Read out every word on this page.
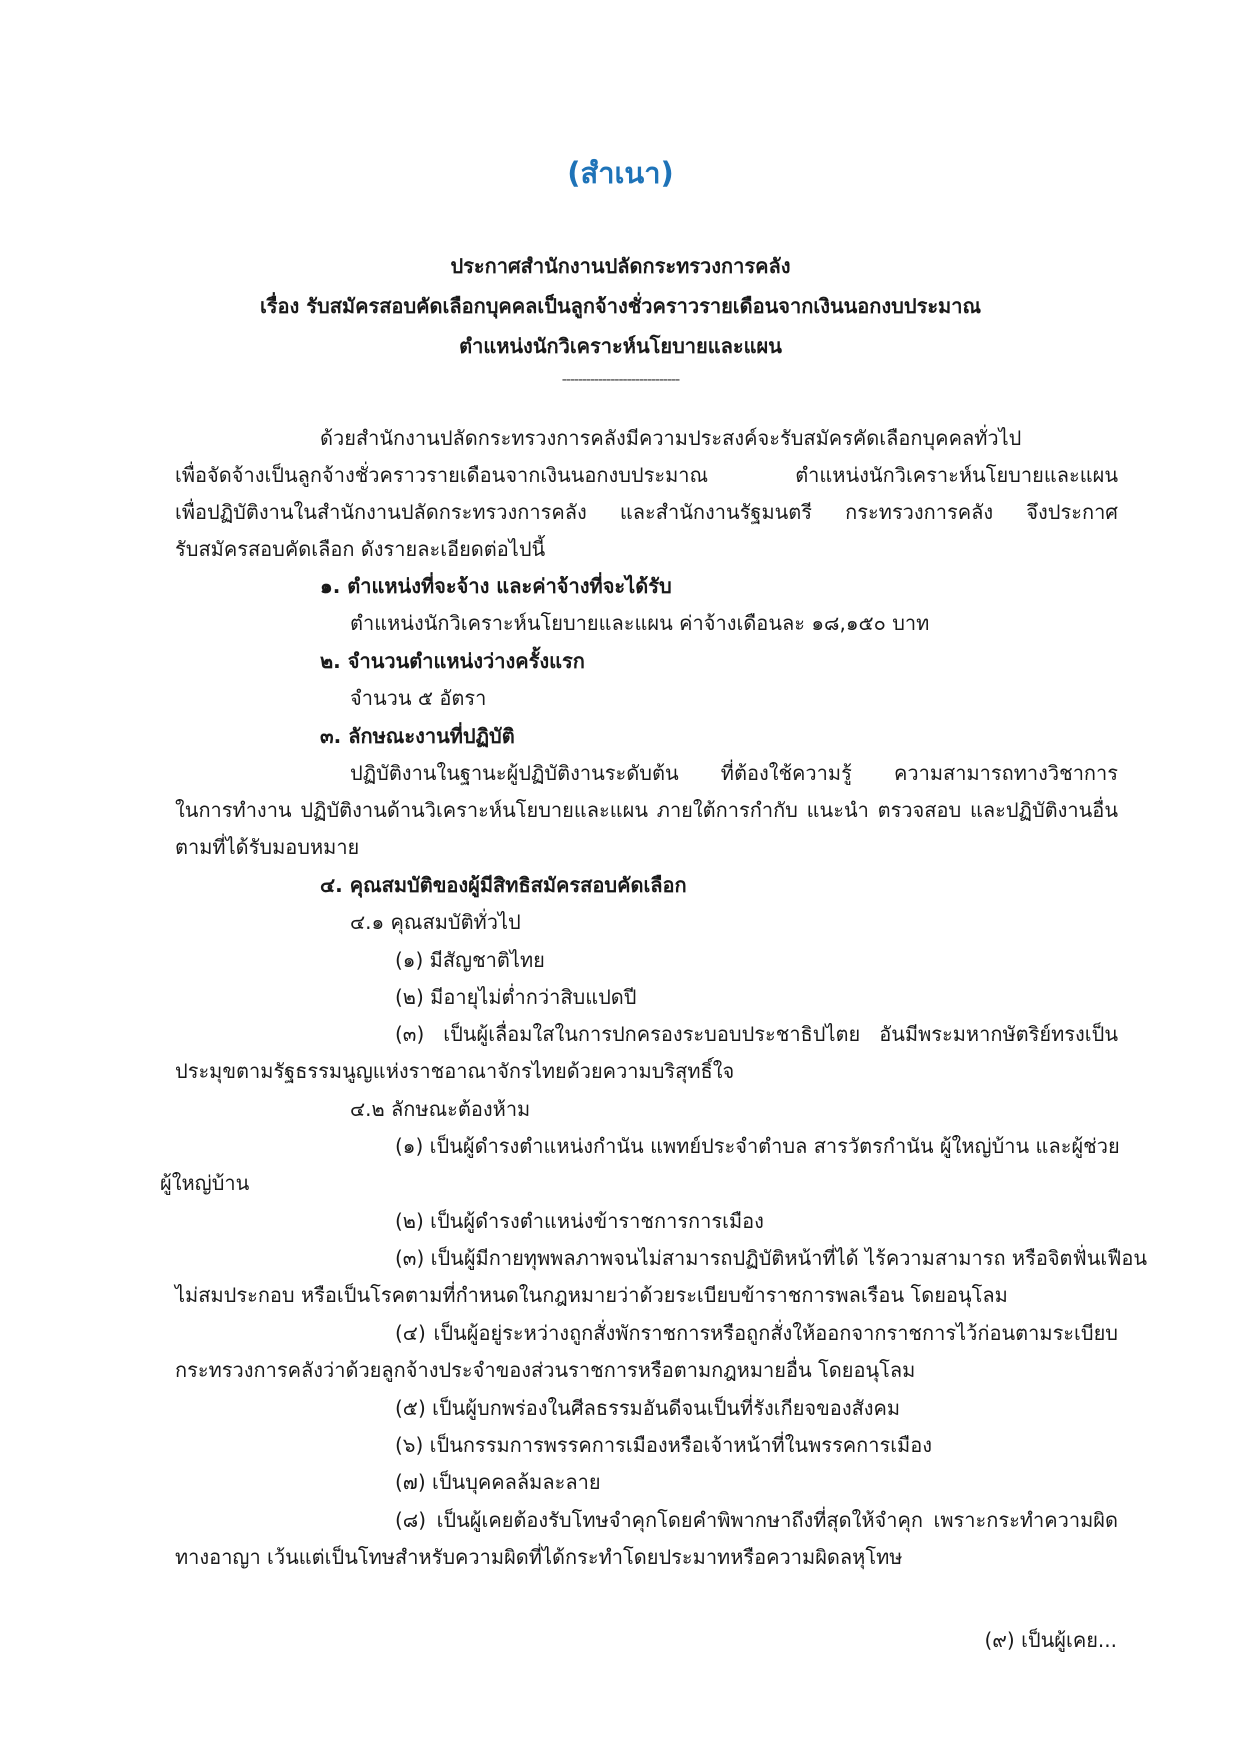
(สำเนา)
ประกาศสำนักงานปลัดกระทรวงการคลัง
เรื่อง รับสมัครสอบคัดเลือกบุคคลเป็นลูกจ้างชั่วคราวรายเดือนจากเงินนอกงบประมาณ
ตำแหน่งนักวิเคราะห์นโยบายและแผน
-----------------------------
ด้วยสำนักงานปลัดกระทรวงการคลังมีความประสงค์จะรับสมัครคัดเลือกบุคคลทั่วไป
เพื่อจัดจ้างเป็นลูกจ้างชั่วคราวรายเดือนจากเงินนอกงบประมาณ ตำแหน่งนักวิเคราะห์นโยบายและแผน
เพื่อปฏิบัติงานในสำนักงานปลัดกระทรวงการคลัง และสำนักงานรัฐมนตรี กระทรวงการคลัง จึงประกาศ
รับสมัครสอบคัดเลือก ดังรายละเอียดต่อไปนี้
๑. ตำแหน่งที่จะจ้าง และค่าจ้างที่จะได้รับ
ตำแหน่งนักวิเคราะห์นโยบายและแผน ค่าจ้างเดือนละ ๑๘,๑๕๐ บาท
๒. จำนวนตำแหน่งว่างครั้งแรก
จำนวน ๕ อัตรา
๓. ลักษณะงานที่ปฏิบัติ
ปฏิบัติงานในฐานะผู้ปฏิบัติงานระดับต้น ที่ต้องใช้ความรู้ ความสามารถทางวิชาการ
ในการทำงาน ปฏิบัติงานด้านวิเคราะห์นโยบายและแผน ภายใต้การกำกับ แนะนำ ตรวจสอบ และปฏิบัติงานอื่น
ตามที่ได้รับมอบหมาย
๔. คุณสมบัติของผู้มีสิทธิสมัครสอบคัดเลือก
๔.๑ คุณสมบัติทั่วไป
(๑) มีสัญชาติไทย
(๒) มีอายุไม่ต่ำกว่าสิบแปดปี
(๓) เป็นผู้เลื่อมใสในการปกครองระบอบประชาธิปไตย อันมีพระมหากษัตริย์ทรงเป็น
ประมุขตามรัฐธรรมนูญแห่งราชอาณาจักรไทยด้วยความบริสุทธิ์ใจ
๔.๒ ลักษณะต้องห้าม
(๑) เป็นผู้ดำรงตำแหน่งกำนัน แพทย์ประจำตำบล สารวัตรกำนัน ผู้ใหญ่บ้าน และผู้ช่วย
ผู้ใหญ่บ้าน
(๒) เป็นผู้ดำรงตำแหน่งข้าราชการการเมือง
(๓) เป็นผู้มีกายทุพพลภาพจนไม่สามารถปฏิบัติหน้าที่ได้ ไร้ความสามารถ หรือจิตฟั่นเฟือน
ไม่สมประกอบ หรือเป็นโรคตามที่กำหนดในกฎหมายว่าด้วยระเบียบข้าราชการพลเรือน โดยอนุโลม
(๔) เป็นผู้อยู่ระหว่างถูกสั่งพักราชการหรือถูกสั่งให้ออกจากราชการไว้ก่อนตามระเบียบ
กระทรวงการคลังว่าด้วยลูกจ้างประจำของส่วนราชการหรือตามกฎหมายอื่น โดยอนุโลม
(๕) เป็นผู้บกพร่องในศีลธรรมอันดีจนเป็นที่รังเกียจของสังคม
(๖) เป็นกรรมการพรรคการเมืองหรือเจ้าหน้าที่ในพรรคการเมือง
(๗) เป็นบุคคลล้มละลาย
(๘) เป็นผู้เคยต้องรับโทษจำคุกโดยคำพิพากษาถึงที่สุดให้จำคุก เพราะกระทำความผิด
ทางอาญา เว้นแต่เป็นโทษสำหรับความผิดที่ได้กระทำโดยประมาทหรือความผิดลหุโทษ
(๙) เป็นผู้เคย...
